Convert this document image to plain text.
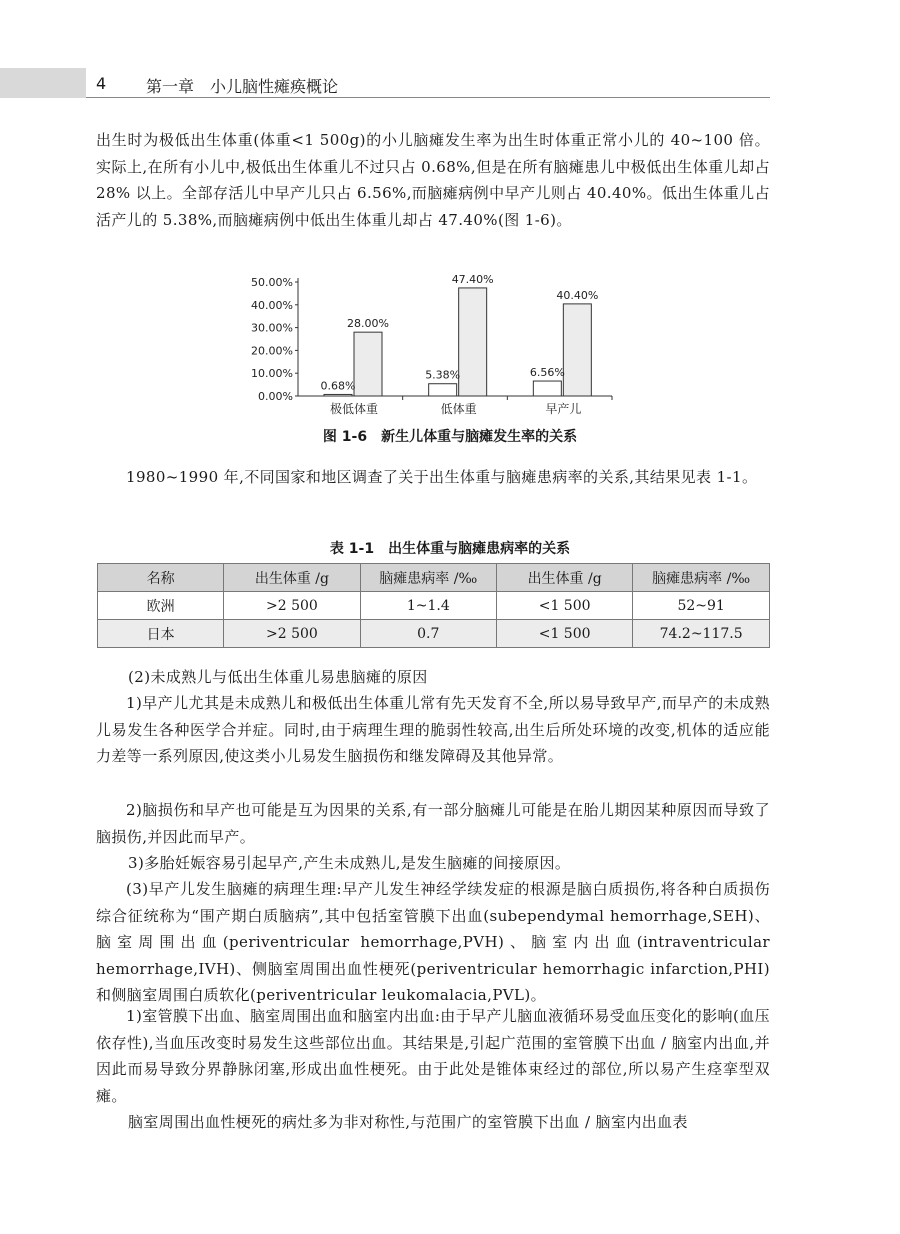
4 第一章　小儿脑性瘫痪概论

出生时为极低出生体重(体重<1 500g)的小儿脑瘫发生率为出生时体重正常小儿的 40~100 倍。实际上,在所有小儿中,极低出生体重儿不过只占 0.68%,但是在所有脑瘫患儿中极低出生体重儿却占 28% 以上。全部存活儿中早产儿只占 6.56%,而脑瘫病例中早产儿则占 40.40%。低出生体重儿占活产儿的 5.38%,而脑瘫病例中低出生体重儿却占 47.40%(图 1-6)。

0.00%
10.00%
20.00%
30.00%
40.00%
50.00%
0.68%
28.00%
极低体重
5.38%
47.40%
低体重
6.56%
40.40%
早产儿
图 1-6　新生儿体重与脑瘫发生率的关系

1980~1990 年,不同国家和地区调查了关于出生体重与脑瘫患病率的关系,其结果见表 1-1。

表 1-1　出生体重与脑瘫患病率的关系
名称	出生体重 /g	脑瘫患病率 /‰	出生体重 /g	脑瘫患病率 /‰
欧洲	>2 500	1~1.4	<1 500	52~91
日本	>2 500	0.7	<1 500	74.2~117.5

(2)未成熟儿与低出生体重儿易患脑瘫的原因

1)早产儿尤其是未成熟儿和极低出生体重儿常有先天发育不全,所以易导致早产,而早产的未成熟儿易发生各种医学合并症。同时,由于病理生理的脆弱性较高,出生后所处环境的改变,机体的适应能力差等一系列原因,使这类小儿易发生脑损伤和继发障碍及其他异常。

2)脑损伤和早产也可能是互为因果的关系,有一部分脑瘫儿可能是在胎儿期因某种原因而导致了脑损伤,并因此而早产。

3)多胎妊娠容易引起早产,产生未成熟儿,是发生脑瘫的间接原因。

(3)早产儿发生脑瘫的病理生理:早产儿发生神经学续发症的根源是脑白质损伤,将各种白质损伤综合征统称为“围产期白质脑病”,其中包括室管膜下出血(subependymal hemorrhage,SEH)、脑室周围出血(periventricular hemorrhage,PVH)、脑室内出血(intraventricular hemorrhage,IVH)、侧脑室周围出血性梗死(periventricular hemorrhagic infarction,PHI)和侧脑室周围白质软化(periventricular leukomalacia,PVL)。

1)室管膜下出血、脑室周围出血和脑室内出血:由于早产儿脑血液循环易受血压变化的影响(血压依存性),当血压改变时易发生这些部位出血。其结果是,引起广范围的室管膜下出血 / 脑室内出血,并因此而易导致分界静脉闭塞,形成出血性梗死。由于此处是锥体束经过的部位,所以易产生痉挛型双瘫。

脑室周围出血性梗死的病灶多为非对称性,与范围广的室管膜下出血 / 脑室内出血表
